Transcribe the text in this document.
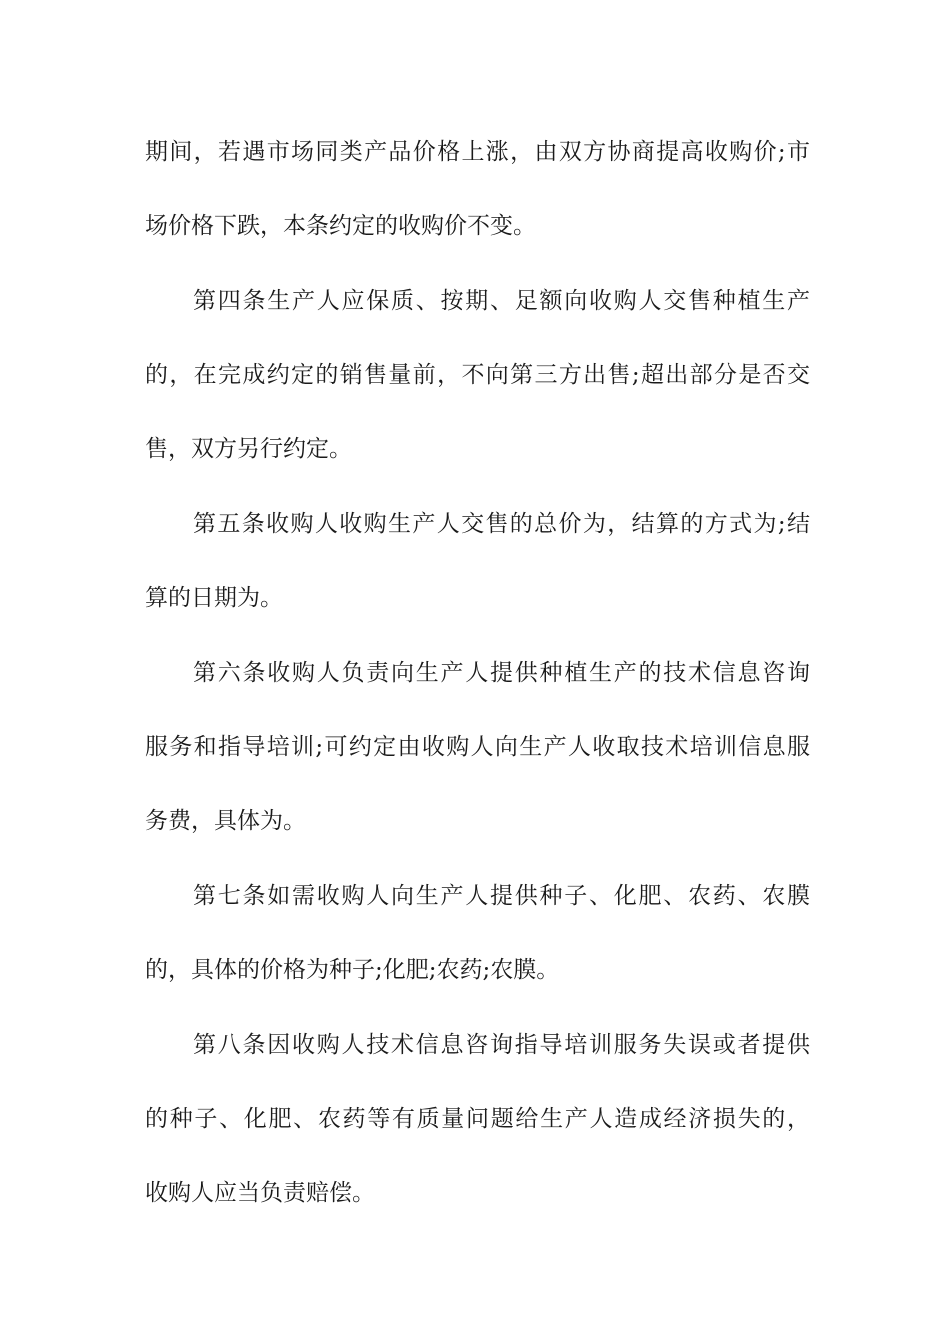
期间，若遇市场同类产品价格上涨，由双方协商提高收购价;市
场价格下跌，本条约定的收购价不变。
第四条生产人应保质、按期、足额向收购人交售种植生产
的，在完成约定的销售量前，不向第三方出售;超出部分是否交
售，双方另行约定。
第五条收购人收购生产人交售的总价为，结算的方式为;结
算的日期为。
第六条收购人负责向生产人提供种植生产的技术信息咨询
服务和指导培训;可约定由收购人向生产人收取技术培训信息服
务费，具体为。
第七条如需收购人向生产人提供种子、化肥、农药、农膜
的，具体的价格为种子;化肥;农药;农膜。
第八条因收购人技术信息咨询指导培训服务失误或者提供
的种子、化肥、农药等有质量问题给生产人造成经济损失的，
收购人应当负责赔偿。
